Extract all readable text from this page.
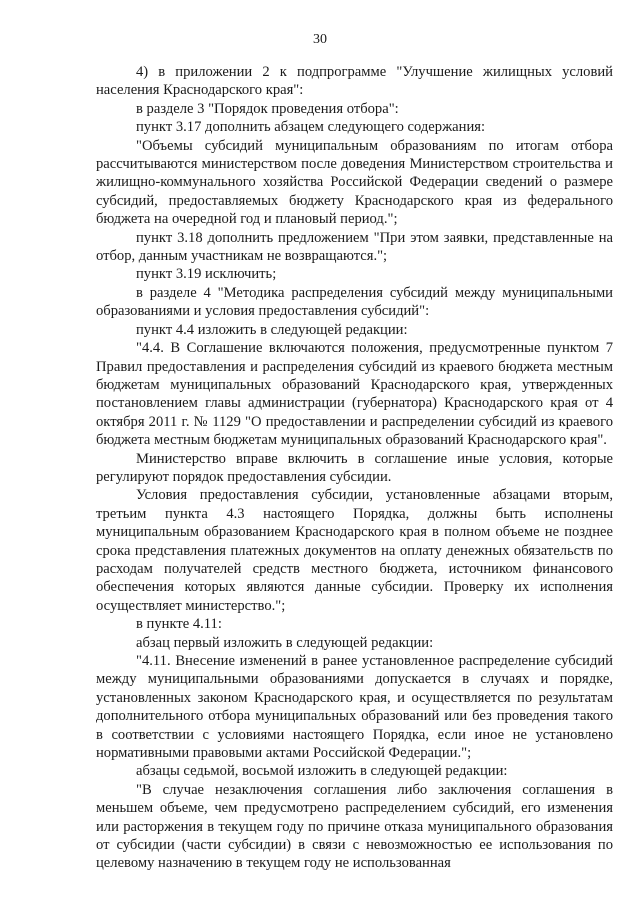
30

4) в приложении 2 к подпрограмме "Улучшение жилищных условий населения Краснодарского края":

в разделе 3 "Порядок проведения отбора":

пункт 3.17 дополнить абзацем следующего содержания:

"Объемы субсидий муниципальным образованиям по итогам отбора рассчитываются министерством после доведения Министерством строительства и жилищно-коммунального хозяйства Российской Федерации сведений о размере субсидий, предоставляемых бюджету Краснодарского края из федерального бюджета на очередной год и плановый период.";

пункт 3.18 дополнить предложением "При этом заявки, представленные на отбор, данным участникам не возвращаются.";

пункт 3.19 исключить;

в разделе 4 "Методика распределения субсидий между муниципальными образованиями и условия предоставления субсидий":

пункт 4.4 изложить в следующей редакции:

"4.4. В Соглашение включаются положения, предусмотренные пунктом 7 Правил предоставления и распределения субсидий из краевого бюджета местным бюджетам муниципальных образований Краснодарского края, утвержденных постановлением главы администрации (губернатора) Краснодарского края от 4 октября 2011 г. № 1129 "О предоставлении и распределении субсидий из краевого бюджета местным бюджетам муниципальных образований Краснодарского края".

Министерство вправе включить в соглашение иные условия, которые регулируют порядок предоставления субсидии.

Условия предоставления субсидии, установленные абзацами вторым, третьим пункта 4.3 настоящего Порядка, должны быть исполнены муниципальным образованием Краснодарского края в полном объеме не позднее срока представления платежных документов на оплату денежных обязательств по расходам получателей средств местного бюджета, источником финансового обеспечения которых являются данные субсидии. Проверку их исполнения осуществляет министерство.";

в пункте 4.11:

абзац первый изложить в следующей редакции:

"4.11. Внесение изменений в ранее установленное распределение субсидий между муниципальными образованиями допускается в случаях и порядке, установленных законом Краснодарского края, и осуществляется по результатам дополнительного отбора муниципальных образований или без проведения такого в соответствии с условиями настоящего Порядка, если иное не установлено нормативными правовыми актами Российской Федерации.";

абзацы седьмой, восьмой изложить в следующей редакции:

"В случае незаключения соглашения либо заключения соглашения в меньшем объеме, чем предусмотрено распределением субсидий, его изменения или расторжения в текущем году по причине отказа муниципального образования от субсидии (части субсидии) в связи с невозможностью ее использования по целевому назначению в текущем году не использованная
